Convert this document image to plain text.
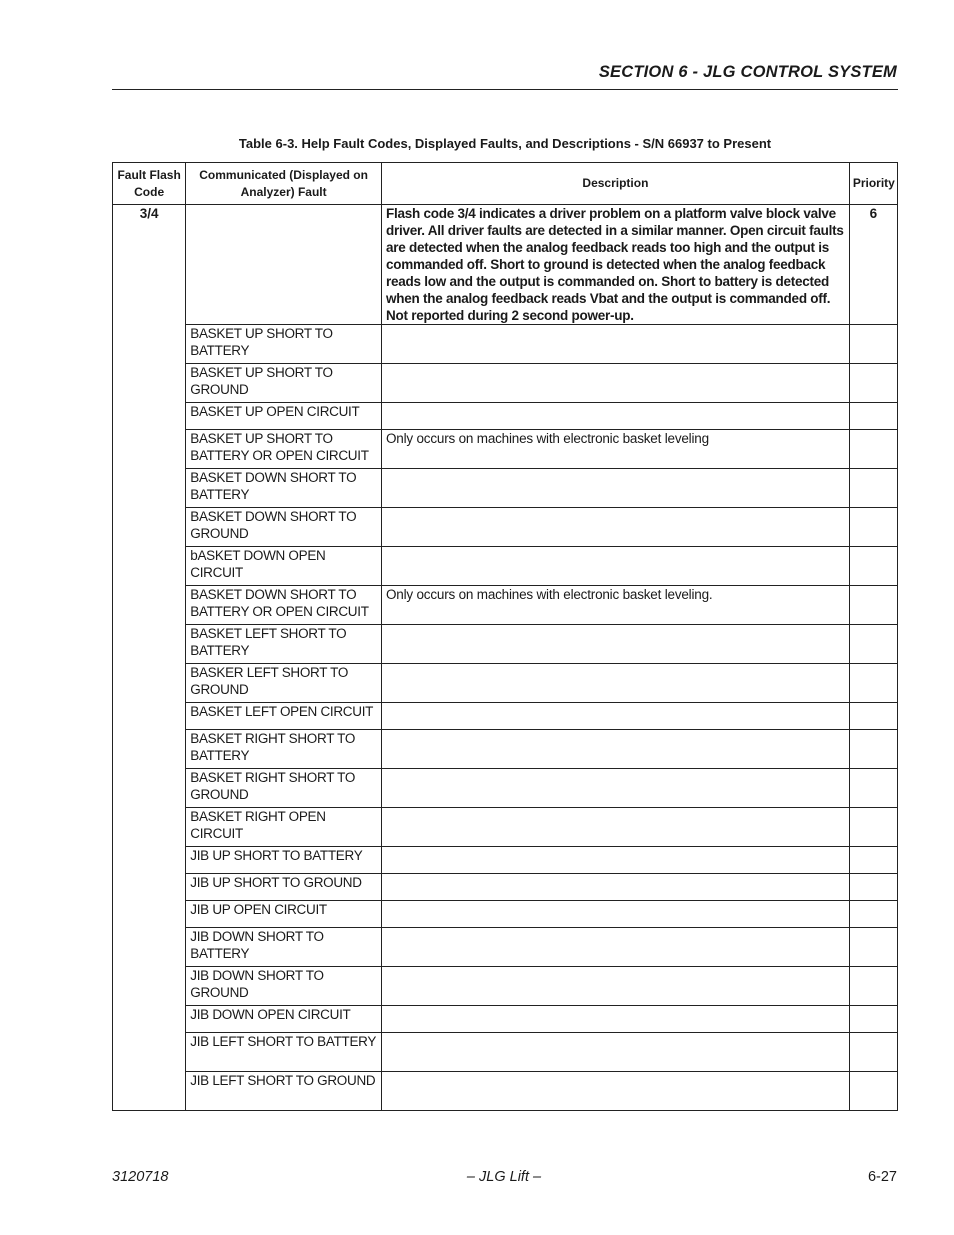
SECTION 6 - JLG CONTROL SYSTEM
Table 6-3. Help Fault Codes, Displayed Faults, and Descriptions - S/N 66937 to Present
Fault Flash Code	Communicated (Displayed on Analyzer) Fault	Description	Priority
3/4		Flash code 3/4 indicates a driver problem on a platform valve block valve driver. All driver faults are detected in a similar manner. Open circuit faults are detected when the analog feedback reads too high and the output is commanded off. Short to ground is detected when the analog feedback reads low and the output is commanded on. Short to battery is detected when the analog feedback reads Vbat and the output is commanded off. Not reported during 2 second power-up.	6
	BASKET UP SHORT TO BATTERY		
	BASKET UP SHORT TO GROUND		
	BASKET UP OPEN CIRCUIT		
	BASKET UP SHORT TO BATTERY OR OPEN CIRCUIT	Only occurs on machines with electronic basket leveling	
	BASKET DOWN SHORT TO BATTERY		
	BASKET DOWN SHORT TO GROUND		
	bASKET DOWN OPEN CIRCUIT		
	BASKET DOWN SHORT TO BATTERY OR OPEN CIRCUIT	Only occurs on machines with electronic basket leveling.	
	BASKET LEFT SHORT TO BATTERY		
	BASKER LEFT SHORT TO GROUND		
	BASKET LEFT OPEN CIRCUIT		
	BASKET RIGHT SHORT TO BATTERY		
	BASKET RIGHT SHORT TO GROUND		
	BASKET RIGHT OPEN CIRCUIT		
	JIB UP SHORT TO BATTERY		
	JIB UP SHORT TO GROUND		
	JIB UP OPEN CIRCUIT		
	JIB DOWN SHORT TO BATTERY		
	JIB DOWN SHORT TO GROUND		
	JIB DOWN OPEN CIRCUIT		
	JIB LEFT SHORT TO BATTERY		
	JIB LEFT SHORT TO GROUND		
3120718	– JLG Lift –	6-27
